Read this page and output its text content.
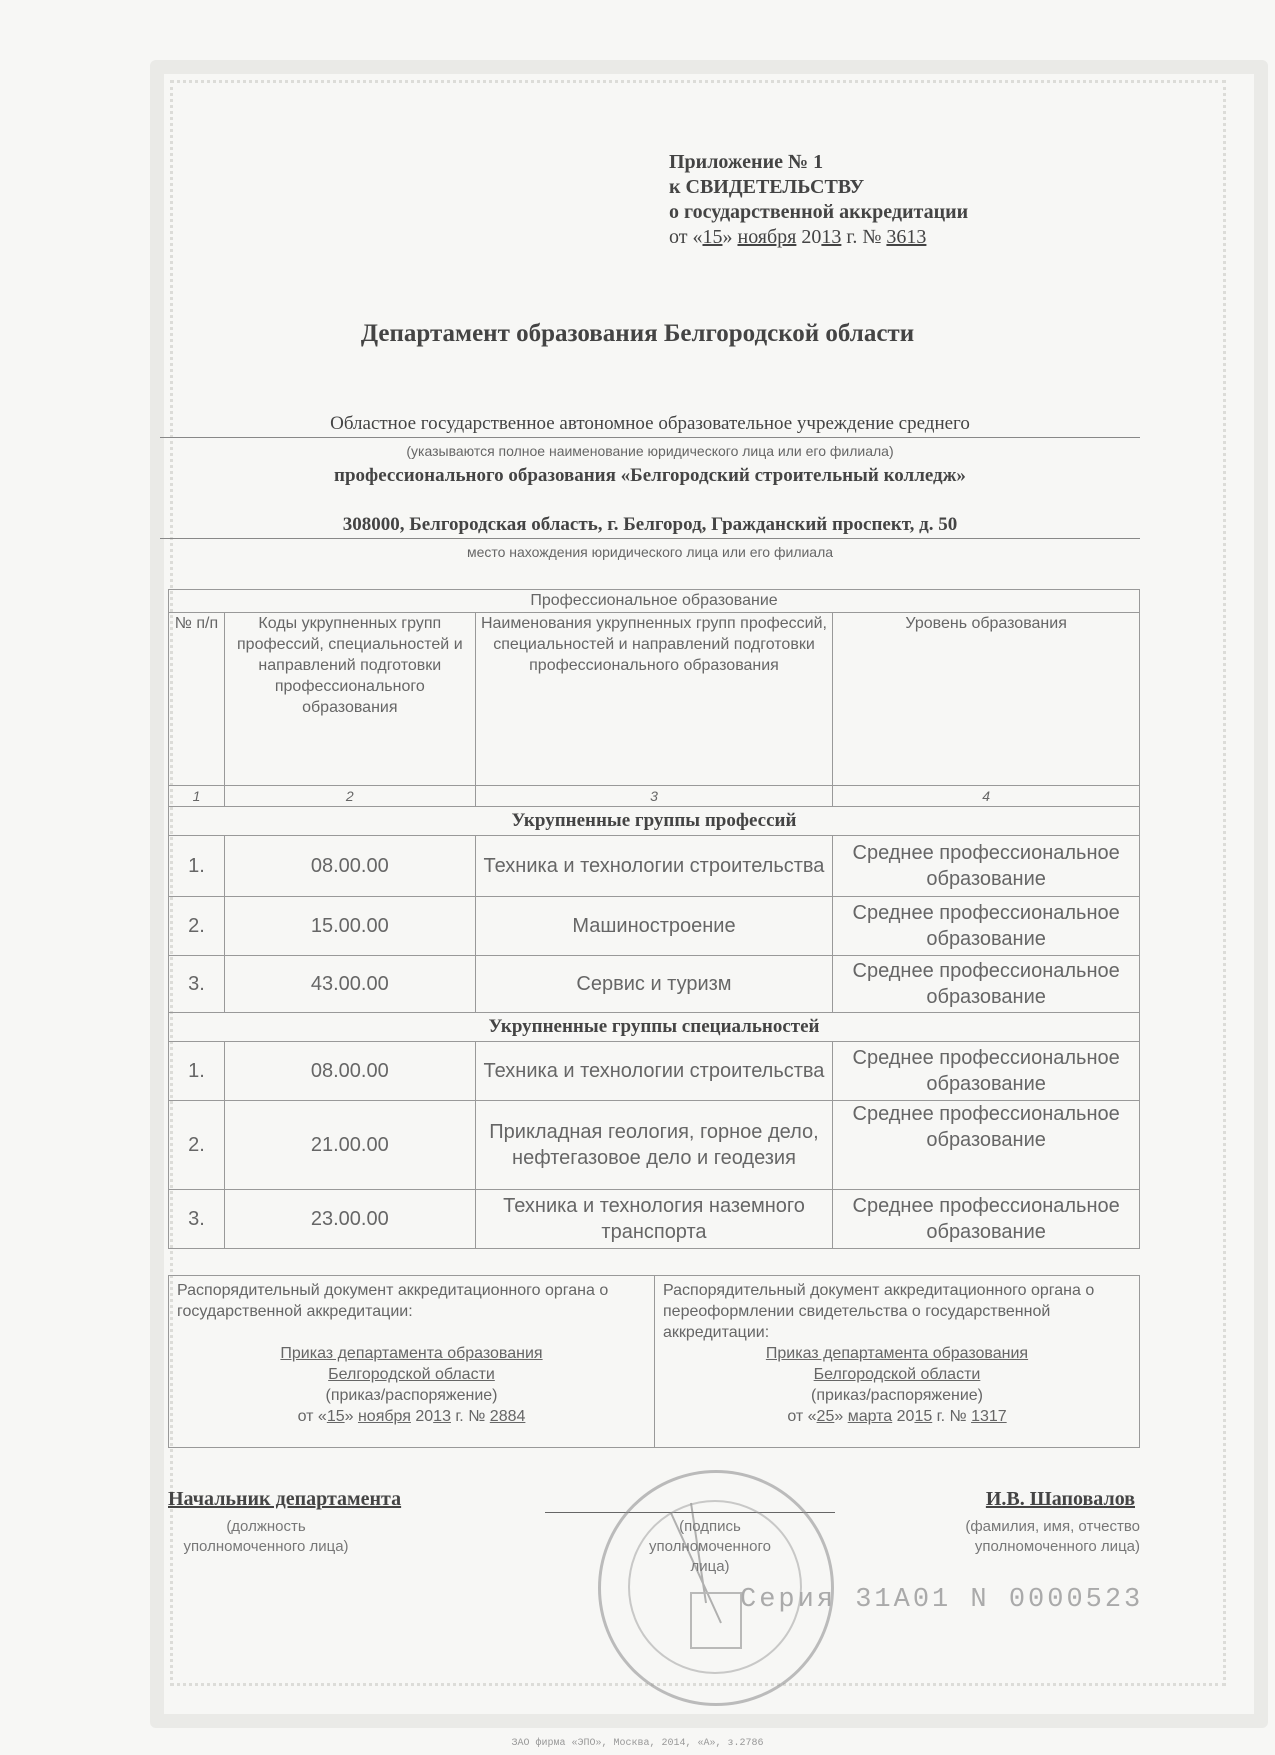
Приложение № 1
к СВИДЕТЕЛЬСТВУ
о государственной аккредитации
от «15» ноября 2013 г. № 3613
Департамент образования Белгородской области
Областное государственное автономное образовательное учреждение среднего
(указываются полное наименование юридического лица или его филиала)
профессионального образования «Белгородский строительный колледж»
308000, Белгородская область, г. Белгород, Гражданский проспект, д. 50
место нахождения юридического лица или его филиала
Профессиональное образование			
№ п/п	Коды укрупненных групп профессий, специальностей и направлений подготовки профессионального образования	Наименования укрупненных групп профессий, специальностей и направлений подготовки профессионального образования	Уровень образования
1	2	3	4
Укрупненные группы профессий			
1.	08.00.00	Техника и технологии строительства	Среднее профессиональное образование
2.	15.00.00	Машиностроение	Среднее профессиональное образование
3.	43.00.00	Сервис и туризм	Среднее профессиональное образование
Укрупненные группы специальностей			
1.	08.00.00	Техника и технологии строительства	Среднее профессиональное образование
2.	21.00.00	Прикладная геология, горное дело, нефтегазовое дело и геодезия	Среднее профессиональное образование
3.	23.00.00	Техника и технология наземного транспорта	Среднее профессиональное образование
Распорядительный документ аккредитационного органа о государственной аккредитации:
Приказ департамента образования
Белгородской области
(приказ/распоряжение)
от «15» ноября 2013 г. № 2884
Распорядительный документ аккредитационного органа о переоформлении свидетельства о государственной аккредитации:
Приказ департамента образования
Белгородской области
(приказ/распоряжение)
от «25» марта 2015 г. № 1317
Начальник департамента
(должность уполномоченного лица)
(подпись уполномоченного лица)
И.В. Шаповалов
(фамилия, имя, отчество уполномоченного лица)
Серия 31А01 N 0000523
ЗАО фирма «ЭПО», Москва, 2014, «А», з.2786
